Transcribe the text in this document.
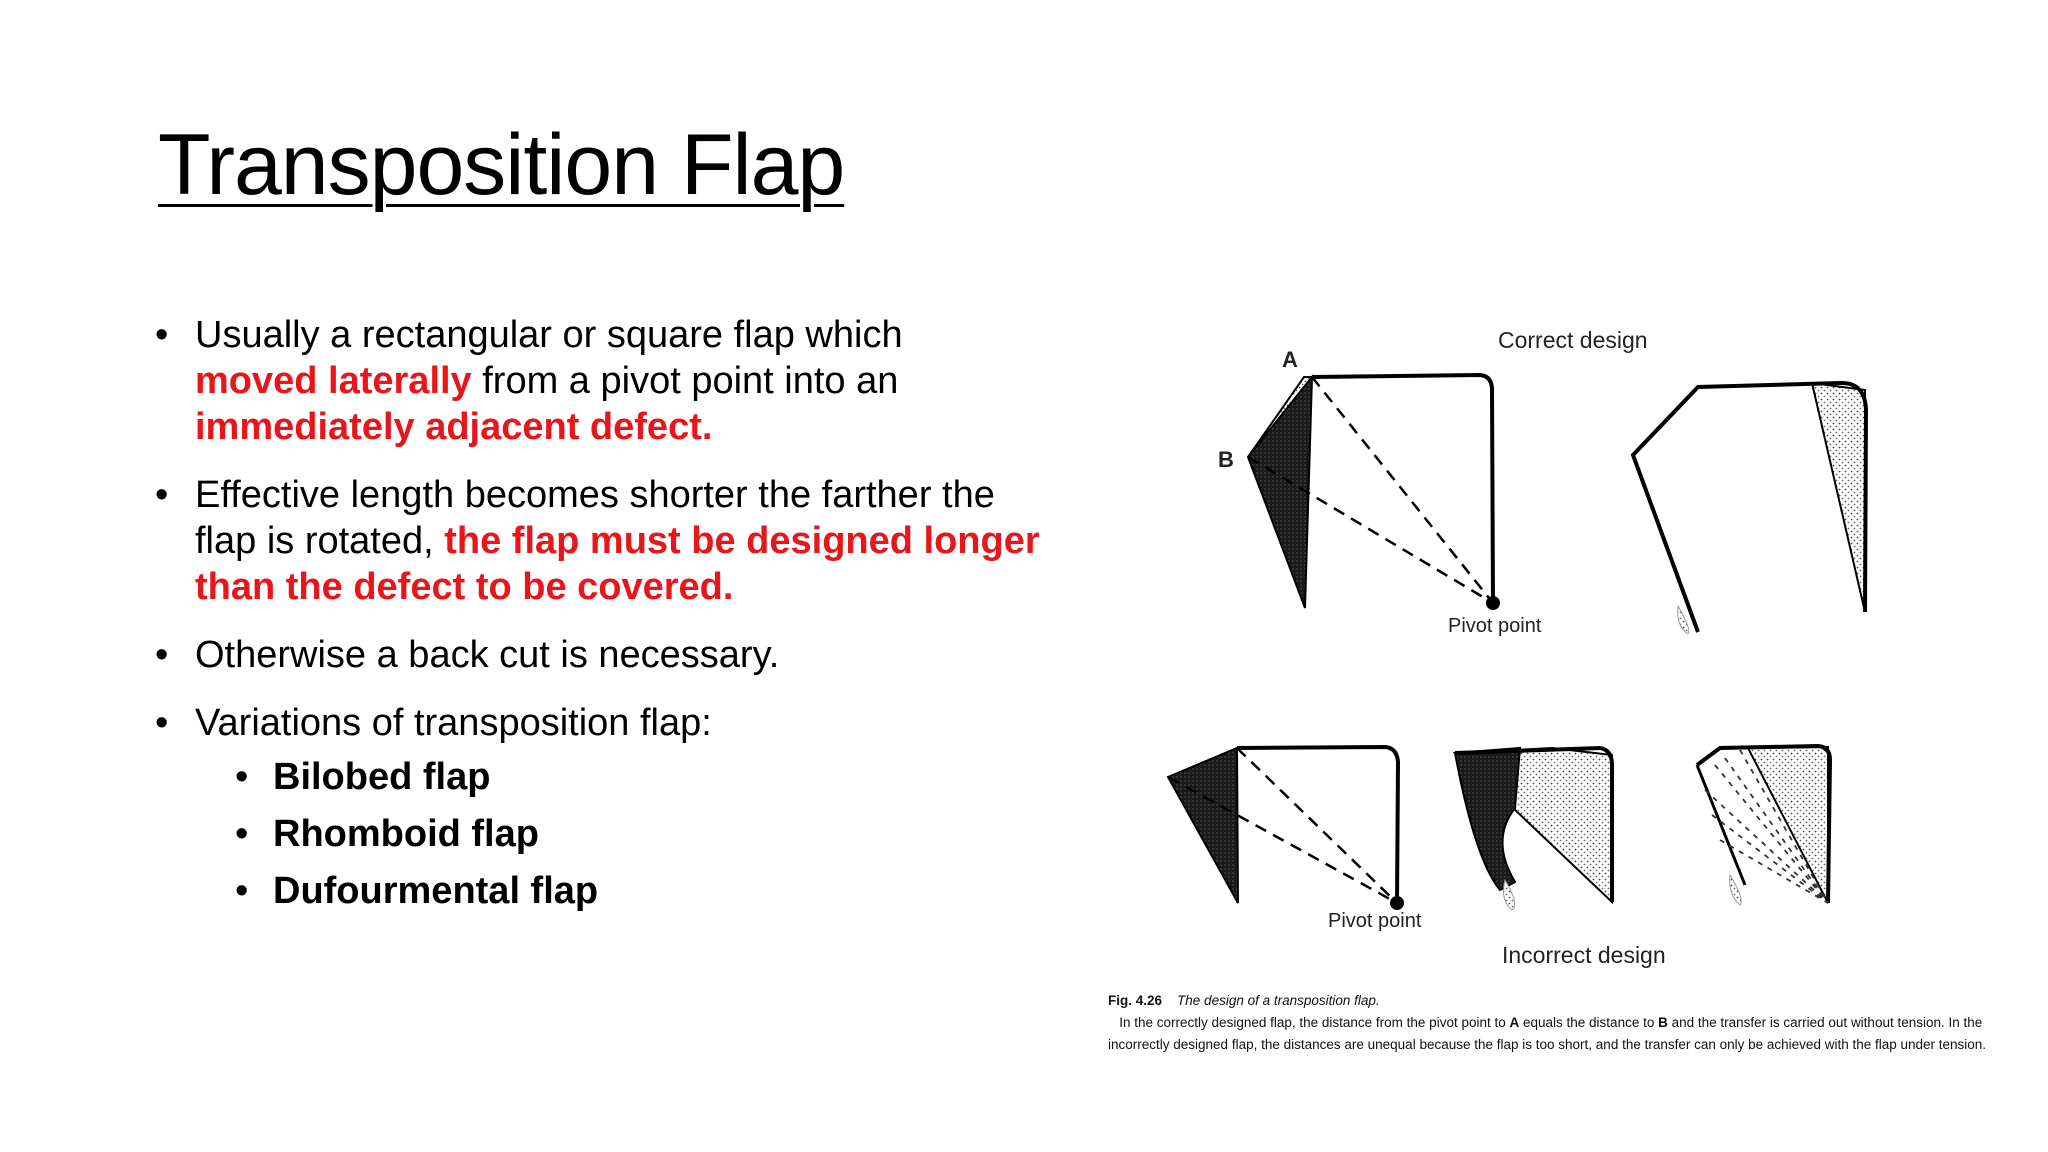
Transposition Flap
• Usually a rectangular or square flap which
moved laterally from a pivot point into an
immediately adjacent defect.
• Effective length becomes shorter the farther the flap is rotated, the flap must be designed longer than the defect to be covered.
• Otherwise a back cut is necessary.
• Variations of transposition flap:
• Bilobed flap
• Rhomboid flap
• Dufourmental flap
Correct design
A
B
Pivot point
Pivot point
Incorrect design
Fig. 4.26 The design of a transposition flap.
In the correctly designed flap, the distance from the pivot point to A equals the distance to B and the transfer is carried out without tension. In the incorrectly designed flap, the distances are unequal because the flap is too short, and the transfer can only be achieved with the flap under tension.
